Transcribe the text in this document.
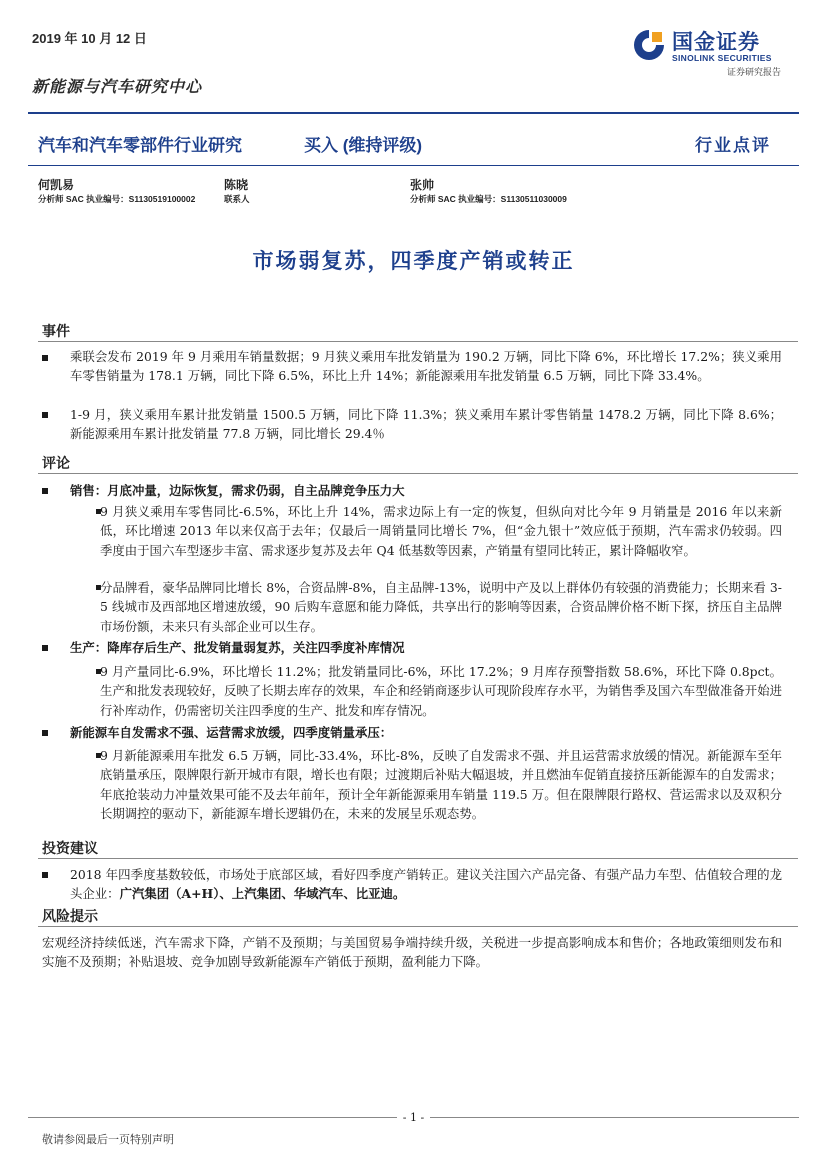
2019 年 10 月 12 日	国金证券
SINOLINK SECURITIES
证券研究报告
新能源与汽车研究中心
汽车和汽车零部件行业研究	买入 (维持评级)	行业点评
何凯易
分析师 SAC 执业编号：S1130519100002
陈晓
联系人
张帅
分析师 SAC 执业编号：S1130511030009
市场弱复苏，四季度产销或转正
事件
乘联会发布 2019 年 9 月乘用车销量数据；9 月狭义乘用车批发销量为 190.2 万辆，同比下降 6%，环比增长 17.2%；狭义乘用车零售销量为 178.1 万辆，同比下降 6.5%，环比上升 14%；新能源乘用车批发销量 6.5 万辆，同比下降 33.4%。
1-9 月，狭义乘用车累计批发销量 1500.5 万辆，同比下降 11.3%；狭义乘用车累计零售销量 1478.2 万辆，同比下降 8.6%；新能源乘用车累计批发销量 77.8 万辆，同比增长 29.4％
评论
销售：月底冲量，边际恢复，需求仍弱，自主品牌竞争压力大
9 月狭义乘用车零售同比-6.5%，环比上升 14%，需求边际上有一定的恢复，但纵向对比今年 9 月销量是 2016 年以来新低，环比增速 2013 年以来仅高于去年；仅最后一周销量同比增长 7%，但“金九银十”效应低于预期，汽车需求仍较弱。四季度由于国六车型逐步丰富、需求逐步复苏及去年 Q4 低基数等因素，产销量有望同比转正，累计降幅收窄。
分品牌看，豪华品牌同比增长 8%，合资品牌-8%，自主品牌-13%，说明中产及以上群体仍有较强的消费能力；长期来看 3-5 线城市及西部地区增速放缓，90 后购车意愿和能力降低，共享出行的影响等因素，合资品牌价格不断下探，挤压自主品牌市场份额，未来只有头部企业可以生存。
生产：降库存后生产、批发销量弱复苏，关注四季度补库情况
9 月产量同比-6.9%，环比增长 11.2%；批发销量同比-6%，环比 17.2%；9 月库存预警指数 58.6%，环比下降 0.8pct。生产和批发表现较好，反映了长期去库存的效果，车企和经销商逐步认可现阶段库存水平，为销售季及国六车型做准备开始进行补库动作，仍需密切关注四季度的生产、批发和库存情况。
新能源车自发需求不强、运营需求放缓，四季度销量承压：
9 月新能源乘用车批发 6.5 万辆，同比-33.4%，环比-8%，反映了自发需求不强、并且运营需求放缓的情况。新能源车至年底销量承压，限牌限行新开城市有限，增长也有限；过渡期后补贴大幅退坡，并且燃油车促销直接挤压新能源车的自发需求；年底抢装动力冲量效果可能不及去年前年，预计全年新能源乘用车销量 119.5 万。但在限牌限行路权、营运需求以及双积分长期调控的驱动下，新能源车增长逻辑仍在，未来的发展呈乐观态势。
投资建议
2018 年四季度基数较低，市场处于底部区域，看好四季度产销转正。建议关注国六产品完备、有强产品力车型、估值较合理的龙头企业：广汽集团（A+H）、上汽集团、华域汽车、比亚迪。
风险提示
宏观经济持续低迷，汽车需求下降，产销不及预期；与美国贸易争端持续升级，关税进一步提高影响成本和售价；各地政策细则发布和实施不及预期；补贴退坡、竞争加剧导致新能源车产销低于预期，盈利能力下降。
- 1 -
敬请参阅最后一页特别声明
